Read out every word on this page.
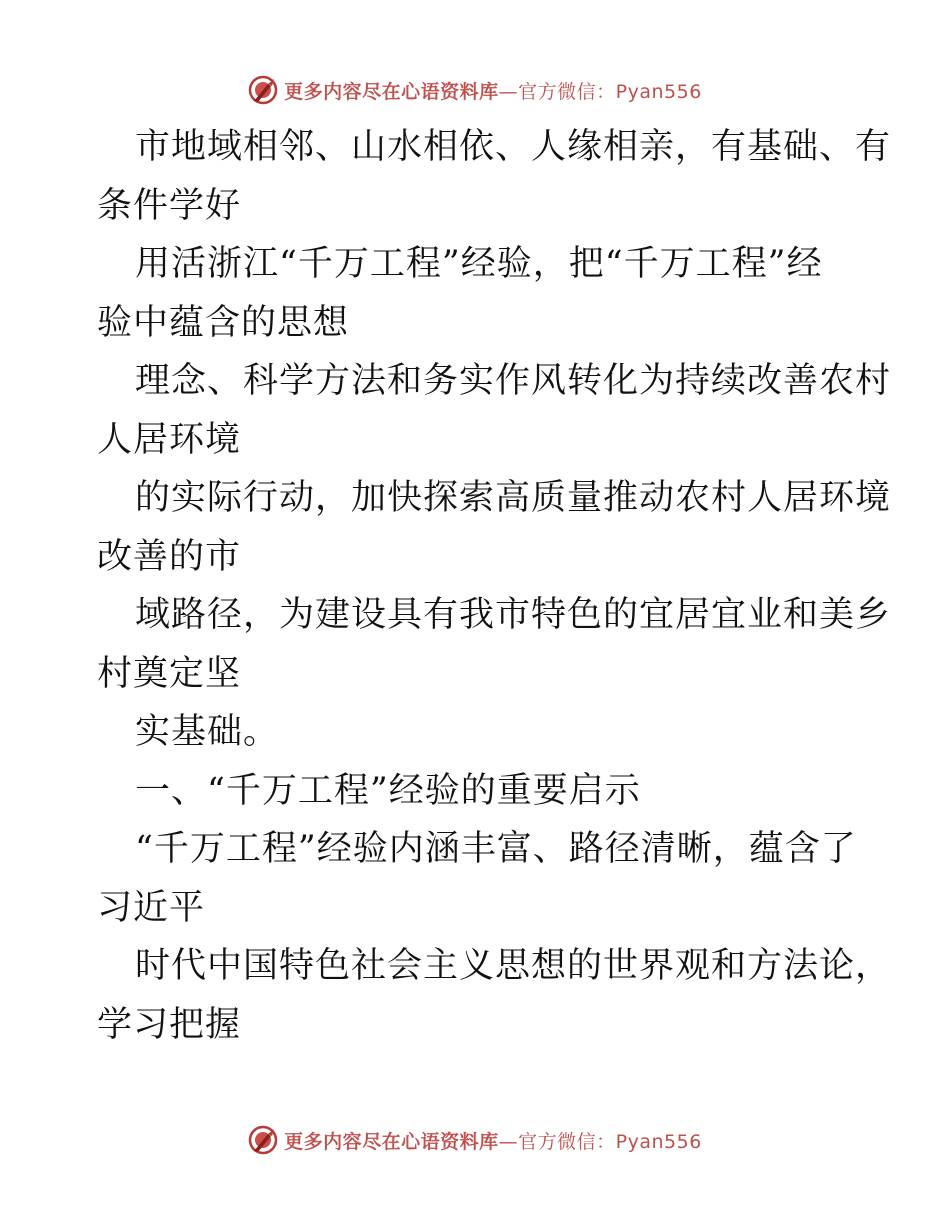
更多内容尽在心语资料库—官方微信：Pyan556
市地域相邻、山水相依、人缘相亲，有基础、有
条件学好
用活浙江“千万工程”经验，把“千万工程”经
验中蕴含的思想
理念、科学方法和务实作风转化为持续改善农村
人居环境
的实际行动，加快探索高质量推动农村人居环境
改善的市
域路径，为建设具有我市特色的宜居宜业和美乡
村奠定坚
实基础。
一、“千万工程”经验的重要启示
“千万工程”经验内涵丰富、路径清晰，蕴含了
习近平
时代中国特色社会主义思想的世界观和方法论，
学习把握
更多内容尽在心语资料库—官方微信：Pyan556
